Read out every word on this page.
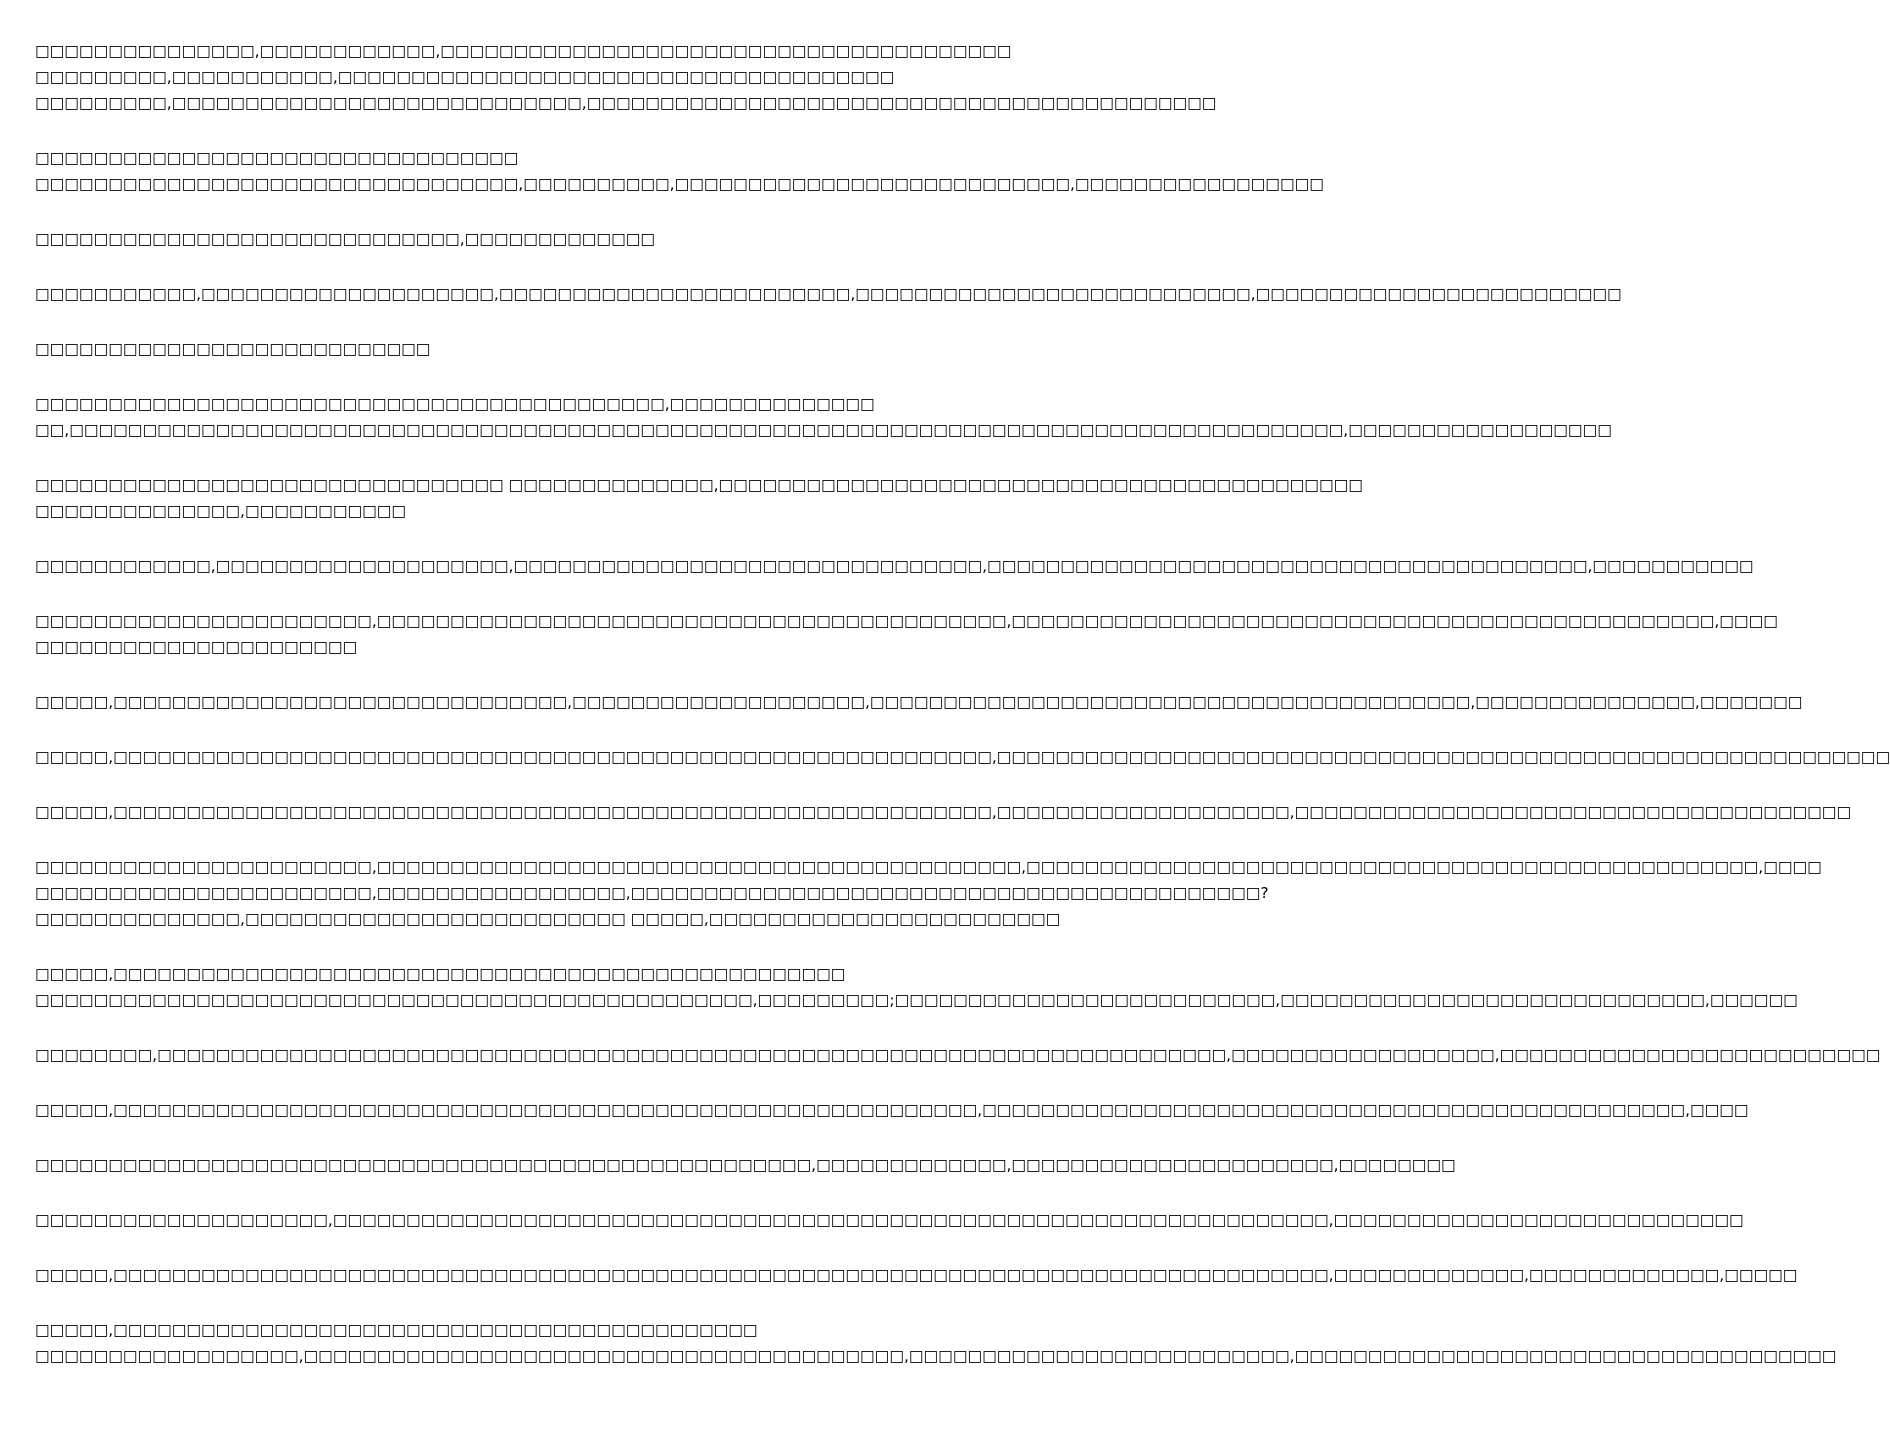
□□□□□□□□□□□□□□□,□□□□□□□□□□□□,□□□□□□□□□□□□□□□□□□□□□□□□□□□□□□□□□□□□□□□
□□□□□□□□□,□□□□□□□□□□□,□□□□□□□□□□□□□□□□□□□□□□□□□□□□□□□□□□□□□□
□□□□□□□□□,□□□□□□□□□□□□□□□□□□□□□□□□□□□□,□□□□□□□□□□□□□□□□□□□□□□□□□□□□□□□□□□□□□□□□□□□
□□□□□□□□□□□□□□□□□□□□□□□□□□□□□□□□□
□□□□□□□□□□□□□□□□□□□□□□□□□□□□□□□□□,□□□□□□□□□□,□□□□□□□□□□□□□□□□□□□□□□□□□□□,□□□□□□□□□□□□□□□□□
□□□□□□□□□□□□□□□□□□□□□□□□□□□□□,□□□□□□□□□□□□□
□□□□□□□□□□□,□□□□□□□□□□□□□□□□□□□□,□□□□□□□□□□□□□□□□□□□□□□□□,□□□□□□□□□□□□□□□□□□□□□□□□□□□,□□□□□□□□□□□□□□□□□□□□□□□□□
□□□□□□□□□□□□□□□□□□□□□□□□□□□
□□□□□□□□□□□□□□□□□□□□□□□□□□□□□□□□□□□□□□□□□□□,□□□□□□□□□□□□□□
□□,□□□□□□□□□□□□□□□□□□□□□□□□□□□□□□□□□□□□□□□□□□□□□□□□□□□□□□□□□□□□□□□□□□□□□□□□□□□□□□□□□□□□□□□,□□□□□□□□□□□□□□□□□□
□□□□□□□□□□□□□□□□□□□□□□□□□□□□□□□□ □□□□□□□□□□□□□□,□□□□□□□□□□□□□□□□□□□□□□□□□□□□□□□□□□□□□□□□□□□□
□□□□□□□□□□□□□□,□□□□□□□□□□□
□□□□□□□□□□□□,□□□□□□□□□□□□□□□□□□□□,□□□□□□□□□□□□□□□□□□□□□□□□□□□□□□□□,□□□□□□□□□□□□□□□□□□□□□□□□□□□□□□□□□□□□□□□□□,□□□□□□□□□□□
□□□□□□□□□□□□□□□□□□□□□□□,□□□□□□□□□□□□□□□□□□□□□□□□□□□□□□□□□□□□□□□□□□□,□□□□□□□□□□□□□□□□□□□□□□□□□□□□□□□□□□□□□□□□□□□□□□□□,□□□□
□□□□□□□□□□□□□□□□□□□□□□
□□□□□,□□□□□□□□□□□□□□□□□□□□□□□□□□□□□□□,□□□□□□□□□□□□□□□□□□□□,□□□□□□□□□□□□□□□□□□□□□□□□□□□□□□□□□□□□□□□□□,□□□□□□□□□□□□□□□,□□□□□□□
□□□□□,□□□□□□□□□□□□□□□□□□□□□□□□□□□□□□□□□□□□□□□□□□□□□□□□□□□□□□□□□□□□,□□□□□□□□□□□□□□□□□□□□□□□□□□□□□□□□□□□□□□□□□□□□□□□□□□□□□□□□□□□□□
□□□□□,□□□□□□□□□□□□□□□□□□□□□□□□□□□□□□□□□□□□□□□□□□□□□□□□□□□□□□□□□□□□,□□□□□□□□□□□□□□□□□□□□,□□□□□□□□□□□□□□□□□□□□□□□□□□□□□□□□□□□□□□
□□□□□□□□□□□□□□□□□□□□□□□,□□□□□□□□□□□□□□□□□□□□□□□□□□□□□□□□□□□□□□□□□□□□,□□□□□□□□□□□□□□□□□□□□□□□□□□□□□□□□□□□□□□□□□□□□□□□□□□,□□□□
□□□□□□□□□□□□□□□□□□□□□□□,□□□□□□□□□□□□□□□□□,□□□□□□□□□□□□□□□□□□□□□□□□□□□□□□□□□□□□□□□□□□□?
□□□□□□□□□□□□□□,□□□□□□□□□□□□□□□□□□□□□□□□□□ □□□□□,□□□□□□□□□□□□□□□□□□□□□□□□
□□□□□,□□□□□□□□□□□□□□□□□□□□□□□□□□□□□□□□□□□□□□□□□□□□□□□□□□
□□□□□□□□□□□□□□□□□□□□□□□□□□□□□□□□□□□□□□□□□□□□□□□□□,□□□□□□□□□;□□□□□□□□□□□□□□□□□□□□□□□□□□,□□□□□□□□□□□□□□□□□□□□□□□□□□□□□,□□□□□□
□□□□□□□□,□□□□□□□□□□□□□□□□□□□□□□□□□□□□□□□□□□□□□□□□□□□□□□□□□□□□□□□□□□□□□□□□□□□□□□□□□,□□□□□□□□□□□□□□□□□□,□□□□□□□□□□□□□□□□□□□□□□□□□□
□□□□□,□□□□□□□□□□□□□□□□□□□□□□□□□□□□□□□□□□□□□□□□□□□□□□□□□□□□□□□□□□□,□□□□□□□□□□□□□□□□□□□□□□□□□□□□□□□□□□□□□□□□□□□□□□□□,□□□□
□□□□□□□□□□□□□□□□□□□□□□□□□□□□□□□□□□□□□□□□□□□□□□□□□□□□□,□□□□□□□□□□□□□,□□□□□□□□□□□□□□□□□□□□□□,□□□□□□□□
□□□□□□□□□□□□□□□□□□□□,□□□□□□□□□□□□□□□□□□□□□□□□□□□□□□□□□□□□□□□□□□□□□□□□□□□□□□□□□□□□□□□□□□□□,□□□□□□□□□□□□□□□□□□□□□□□□□□□□
□□□□□,□□□□□□□□□□□□□□□□□□□□□□□□□□□□□□□□□□□□□□□□□□□□□□□□□□□□□□□□□□□□□□□□□□□□□□□□□□□□□□□□□□□,□□□□□□□□□□□□□,□□□□□□□□□□□□□,□□□□□
□□□□□,□□□□□□□□□□□□□□□□□□□□□□□□□□□□□□□□□□□□□□□□□□□□
□□□□□□□□□□□□□□□□□□,□□□□□□□□□□□□□□□□□□□□□□□□□□□□□□□□□□□□□□□□□,□□□□□□□□□□□□□□□□□□□□□□□□□□,□□□□□□□□□□□□□□□□□□□□□□□□□□□□□□□□□□□□□
